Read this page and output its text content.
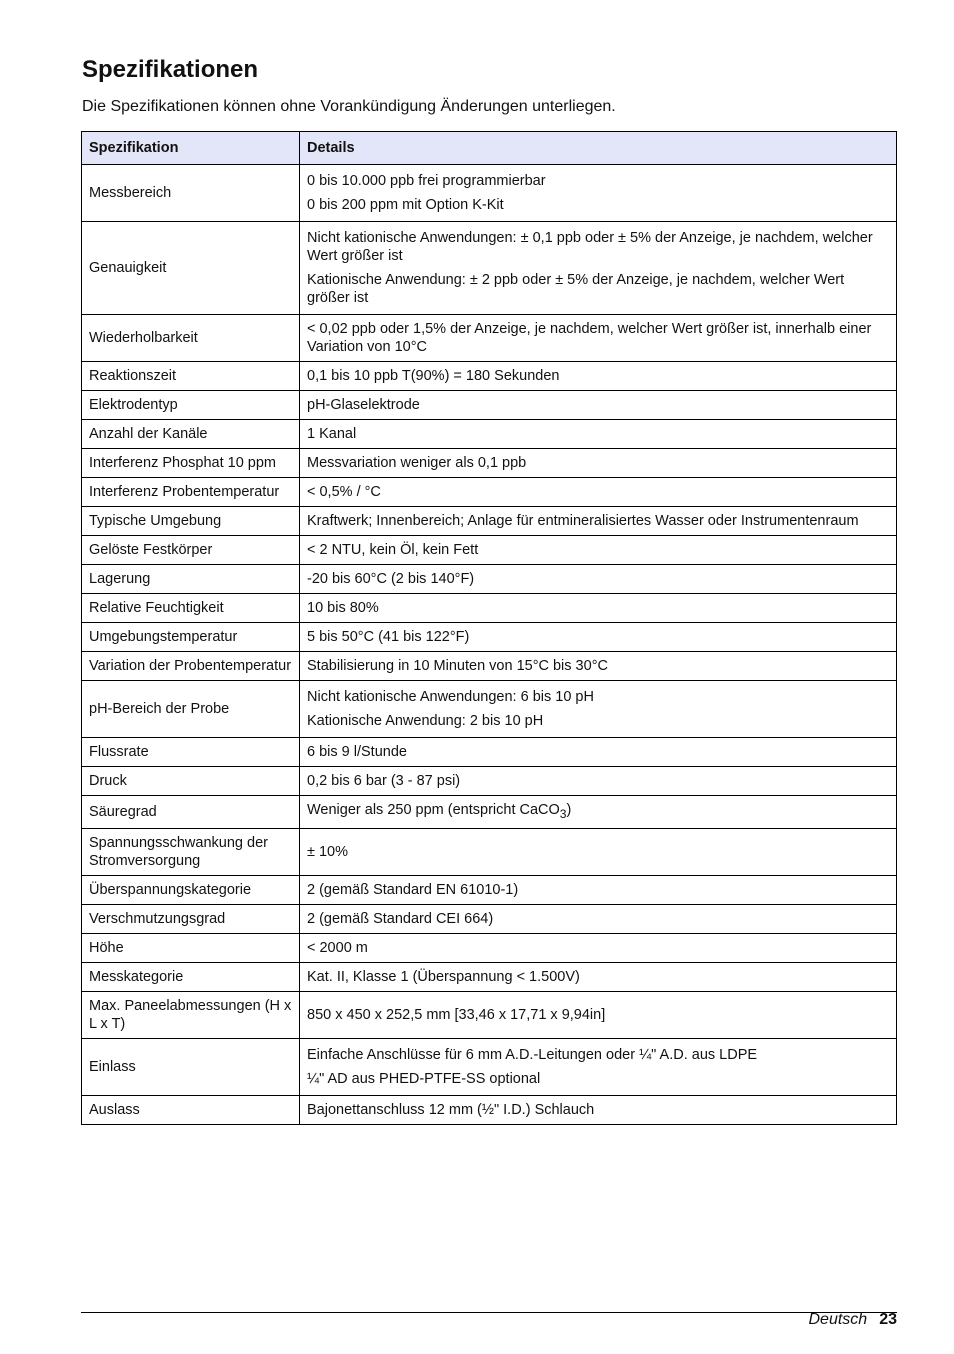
Spezifikationen

Die Spezifikationen können ohne Vorankündigung Änderungen unterliegen.

Spezifikation	Details
Messbereich	0 bis 10.000 ppb frei programmierbar
0 bis 200 ppm mit Option K-Kit

Genauigkeit	Nicht kationische Anwendungen: ± 0,1 ppb oder ± 5% der Anzeige, je nachdem, welcher Wert größer ist
Kationische Anwendung: ± 2 ppb oder ± 5% der Anzeige, je nachdem, welcher Wert größer ist

Wiederholbarkeit	< 0,02 ppb oder 1,5% der Anzeige, je nachdem, welcher Wert größer ist, innerhalb einer Variation von 10°C

Reaktionszeit	0,1 bis 10 ppb T(90%) = 180 Sekunden

Elektrodentyp	pH-Glaselektrode

Anzahl der Kanäle	1 Kanal

Interferenz Phosphat 10 ppm	Messvariation weniger als 0,1 ppb

Interferenz Probentemperatur	< 0,5% / °C

Typische Umgebung	Kraftwerk; Innenbereich; Anlage für entmineralisiertes Wasser oder Instrumentenraum

Gelöste Festkörper	< 2 NTU, kein Öl, kein Fett

Lagerung	-20 bis 60°C (2 bis 140°F)

Relative Feuchtigkeit	10 bis 80%

Umgebungstemperatur	5 bis 50°C (41 bis 122°F)

Variation der Probentemperatur	Stabilisierung in 10 Minuten von 15°C bis 30°C

pH-Bereich der Probe	Nicht kationische Anwendungen: 6 bis 10 pH
Kationische Anwendung: 2 bis 10 pH

Flussrate	6 bis 9 l/Stunde

Druck	0,2 bis 6 bar (3 - 87 psi)

Säuregrad	Weniger als 250 ppm (entspricht CaCO$_3$)

Spannungsschwankung der Stromversorgung	± 10%

Überspannungskategorie	2 (gemäß Standard EN 61010-1)

Verschmutzungsgrad	2 (gemäß Standard CEI 664)

Höhe	< 2000 m

Messkategorie	Kat. II, Klasse 1 (Überspannung < 1.500V)

Max. Paneelabmessungen (H x L x T)	850 x 450 x 252,5 mm [33,46 x 17,71 x 9,94in]

Einlass	Einfache Anschlüsse für 6 mm A.D.-Leitungen oder ¼" A.D. aus LDPE
¼" AD aus PHED-PTFE-SS optional

Auslass	Bajonettanschluss 12 mm (½" I.D.) Schlauch
Deutsch 23
